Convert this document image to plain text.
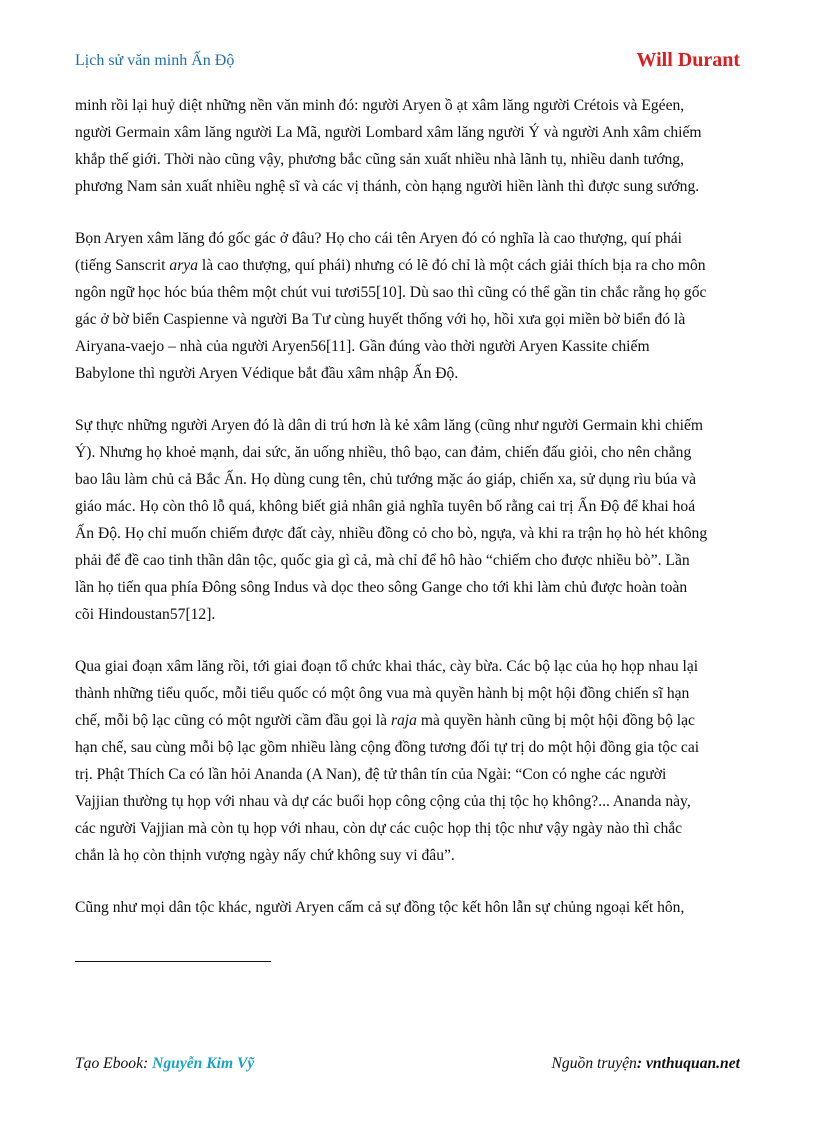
Lịch sử văn minh Ấn Độ	Will Durant

minh rồi lại huỷ diệt những nền văn minh đó: người Aryen ồ ạt xâm lăng người Crétois và Egéen,
người Germain xâm lăng người La Mã, người Lombard xâm lăng người Ý và người Anh xâm chiếm
khắp thế giới. Thời nào cũng vậy, phương bắc cũng sản xuất nhiều nhà lãnh tụ, nhiều danh tướng,
phương Nam sản xuất nhiều nghệ sĩ và các vị thánh, còn hạng người hiền lành thì được sung sướng.

Bọn Aryen xâm lăng đó gốc gác ở đâu? Họ cho cái tên Aryen đó có nghĩa là cao thượng, quí phái
(tiếng Sanscrit arya là cao thượng, quí phái) nhưng có lẽ đó chỉ là một cách giải thích bịa ra cho môn
ngôn ngữ học hóc búa thêm một chút vui tươi55[10]. Dù sao thì cũng có thể gần tin chắc rằng họ gốc
gác ở bờ biển Caspienne và người Ba Tư cùng huyết thống với họ, hồi xưa gọi miền bờ biển đó là
Airyana-vaejo – nhà của người Aryen56[11]. Gần đúng vào thời người Aryen Kassite chiếm
Babylone thì người Aryen Védique bắt đầu xâm nhập Ấn Độ.

Sự thực những người Aryen đó là dân di trú hơn là kẻ xâm lăng (cũng như người Germain khi chiếm
Ý). Nhưng họ khoẻ mạnh, dai sức, ăn uống nhiều, thô bạo, can đảm, chiến đấu giỏi, cho nên chẳng
bao lâu làm chủ cả Bắc Ấn. Họ dùng cung tên, chủ tướng mặc áo giáp, chiến xa, sử dụng rìu búa và
giáo mác. Họ còn thô lỗ quá, không biết giả nhân giả nghĩa tuyên bố rằng cai trị Ấn Độ để khai hoá
Ấn Độ. Họ chỉ muốn chiếm được đất cày, nhiều đồng cỏ cho bò, ngựa, và khi ra trận họ hò hét không
phải để đề cao tinh thần dân tộc, quốc gia gì cả, mà chỉ để hô hào “chiếm cho được nhiều bò”. Lần
lần họ tiến qua phía Đông sông Indus và dọc theo sông Gange cho tới khi làm chủ được hoàn toàn
cõi Hindoustan57[12].

Qua giai đoạn xâm lăng rồi, tới giai đoạn tổ chức khai thác, cày bừa. Các bộ lạc của họ họp nhau lại
thành những tiểu quốc, mỗi tiểu quốc có một ông vua mà quyền hành bị một hội đồng chiến sĩ hạn
chế, mỗi bộ lạc cũng có một người cầm đầu gọi là raja mà quyền hành cũng bị một hội đồng bộ lạc
hạn chế, sau cùng mỗi bộ lạc gồm nhiều làng cộng đồng tương đối tự trị do một hội đồng gia tộc cai
trị. Phật Thích Ca có lần hỏi Ananda (A Nan), đệ tử thân tín của Ngài: “Con có nghe các người
Vajjian thường tụ họp với nhau và dự các buổi họp công cộng của thị tộc họ không?... Ananda này,
các người Vajjian mà còn tụ họp với nhau, còn dự các cuộc họp thị tộc như vậy ngày nào thì chắc
chắn là họ còn thịnh vượng ngày nấy chứ không suy vi đâu”.

Cũng như mọi dân tộc khác, người Aryen cấm cả sự đồng tộc kết hôn lẫn sự chủng ngoại kết hôn,

Tạo Ebook: Nguyễn Kim Vỹ	Nguồn truyện: vnthuquan.net
